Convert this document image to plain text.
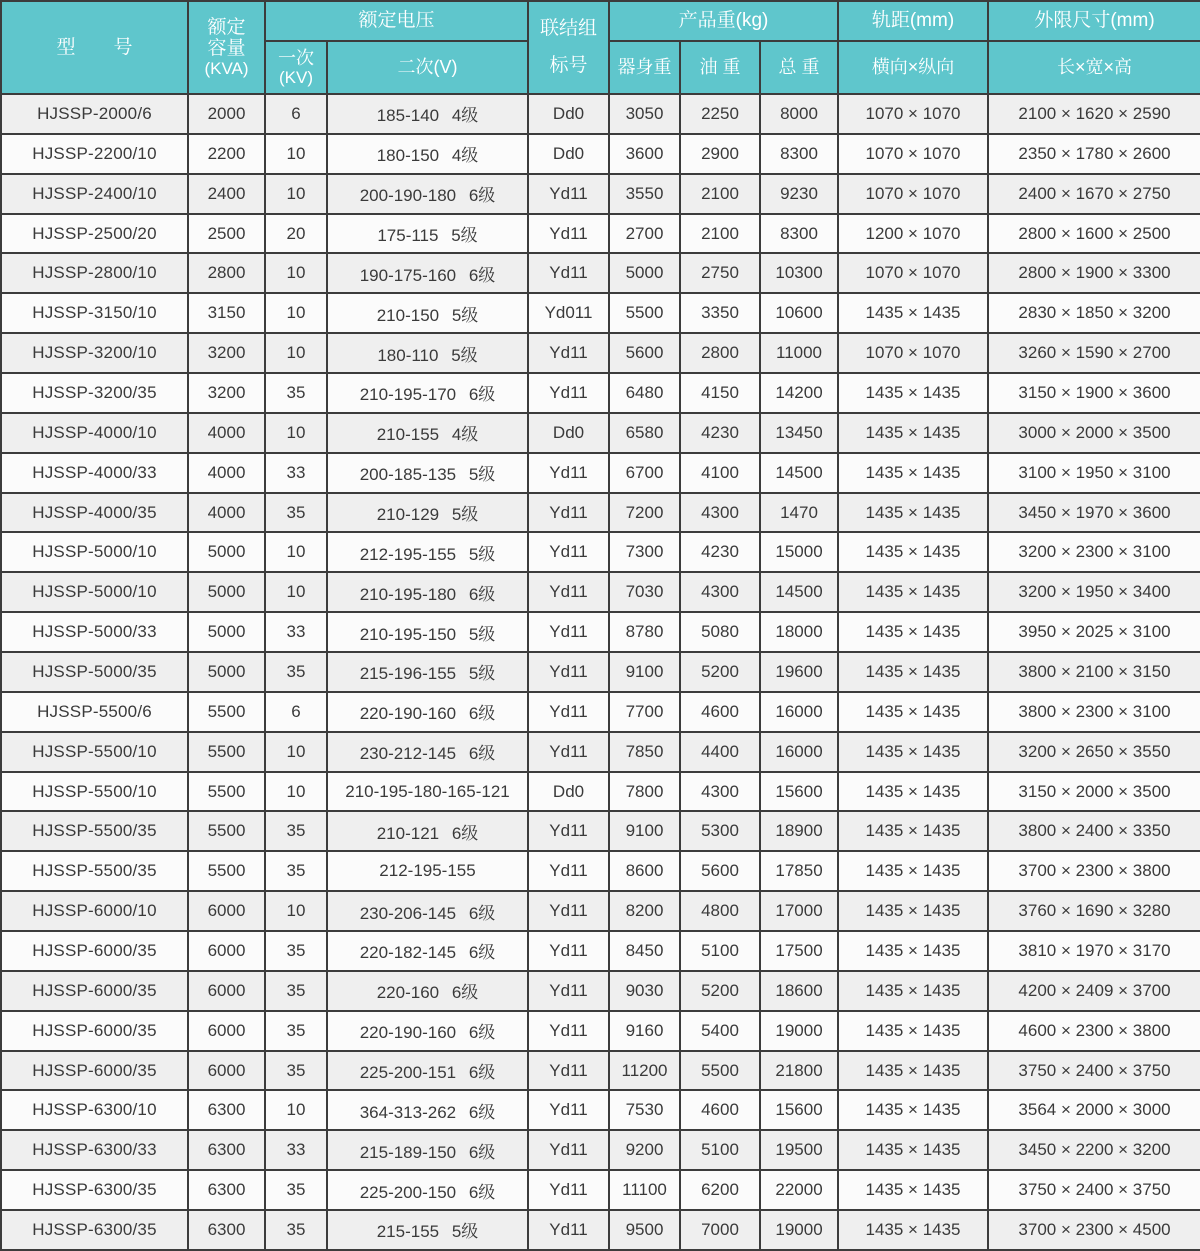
型　　号	额定
容量
(KVA)	额定电压		联结组
标号	产品重(kg)			轨距(mm)	外限尺寸(mm)

		一次
(KV)	二次(V)		器身重	油 重	总 重	横向×纵向	长×宽×高
HJSSP-2000/6	2000	6	185-140 4级	Dd0	3050	2250	8000	1070 × 1070	2100 × 1620 × 2590
HJSSP-2200/10	2200	10	180-150 4级	Dd0	3600	2900	8300	1070 × 1070	2350 × 1780 × 2600
HJSSP-2400/10	2400	10	200-190-180 6级	Yd11	3550	2100	9230	1070 × 1070	2400 × 1670 × 2750
HJSSP-2500/20	2500	20	175-115 5级	Yd11	2700	2100	8300	1200 × 1070	2800 × 1600 × 2500
HJSSP-2800/10	2800	10	190-175-160 6级	Yd11	5000	2750	10300	1070 × 1070	2800 × 1900 × 3300
HJSSP-3150/10	3150	10	210-150 5级	Yd011	5500	3350	10600	1435 × 1435	2830 × 1850 × 3200
HJSSP-3200/10	3200	10	180-110 5级	Yd11	5600	2800	11000	1070 × 1070	3260 × 1590 × 2700
HJSSP-3200/35	3200	35	210-195-170 6级	Yd11	6480	4150	14200	1435 × 1435	3150 × 1900 × 3600
HJSSP-4000/10	4000	10	210-155 4级	Dd0	6580	4230	13450	1435 × 1435	3000 × 2000 × 3500
HJSSP-4000/33	4000	33	200-185-135 5级	Yd11	6700	4100	14500	1435 × 1435	3100 × 1950 × 3100
HJSSP-4000/35	4000	35	210-129 5级	Yd11	7200	4300	1470	1435 × 1435	3450 × 1970 × 3600
HJSSP-5000/10	5000	10	212-195-155 5级	Yd11	7300	4230	15000	1435 × 1435	3200 × 2300 × 3100
HJSSP-5000/10	5000	10	210-195-180 6级	Yd11	7030	4300	14500	1435 × 1435	3200 × 1950 × 3400
HJSSP-5000/33	5000	33	210-195-150 5级	Yd11	8780	5080	18000	1435 × 1435	3950 × 2025 × 3100
HJSSP-5000/35	5000	35	215-196-155 5级	Yd11	9100	5200	19600	1435 × 1435	3800 × 2100 × 3150
HJSSP-5500/6	5500	6	220-190-160 6级	Yd11	7700	4600	16000	1435 × 1435	3800 × 2300 × 3100
HJSSP-5500/10	5500	10	230-212-145 6级	Yd11	7850	4400	16000	1435 × 1435	3200 × 2650 × 3550
HJSSP-5500/10	5500	10	210-195-180-165-121	Dd0	7800	4300	15600	1435 × 1435	3150 × 2000 × 3500
HJSSP-5500/35	5500	35	210-121 6级	Yd11	9100	5300	18900	1435 × 1435	3800 × 2400 × 3350
HJSSP-5500/35	5500	35	212-195-155	Yd11	8600	5600	17850	1435 × 1435	3700 × 2300 × 3800
HJSSP-6000/10	6000	10	230-206-145 6级	Yd11	8200	4800	17000	1435 × 1435	3760 × 1690 × 3280
HJSSP-6000/35	6000	35	220-182-145 6级	Yd11	8450	5100	17500	1435 × 1435	3810 × 1970 × 3170
HJSSP-6000/35	6000	35	220-160 6级	Yd11	9030	5200	18600	1435 × 1435	4200 × 2409 × 3700
HJSSP-6000/35	6000	35	220-190-160 6级	Yd11	9160	5400	19000	1435 × 1435	4600 × 2300 × 3800
HJSSP-6000/35	6000	35	225-200-151 6级	Yd11	11200	5500	21800	1435 × 1435	3750 × 2400 × 3750
HJSSP-6300/10	6300	10	364-313-262 6级	Yd11	7530	4600	15600	1435 × 1435	3564 × 2000 × 3000
HJSSP-6300/33	6300	33	215-189-150 6级	Yd11	9200	5100	19500	1435 × 1435	3450 × 2200 × 3200
HJSSP-6300/35	6300	35	225-200-150 6级	Yd11	11100	6200	22000	1435 × 1435	3750 × 2400 × 3750
HJSSP-6300/35	6300	35	215-155 5级	Yd11	9500	7000	19000	1435 × 1435	3700 × 2300 × 4500
